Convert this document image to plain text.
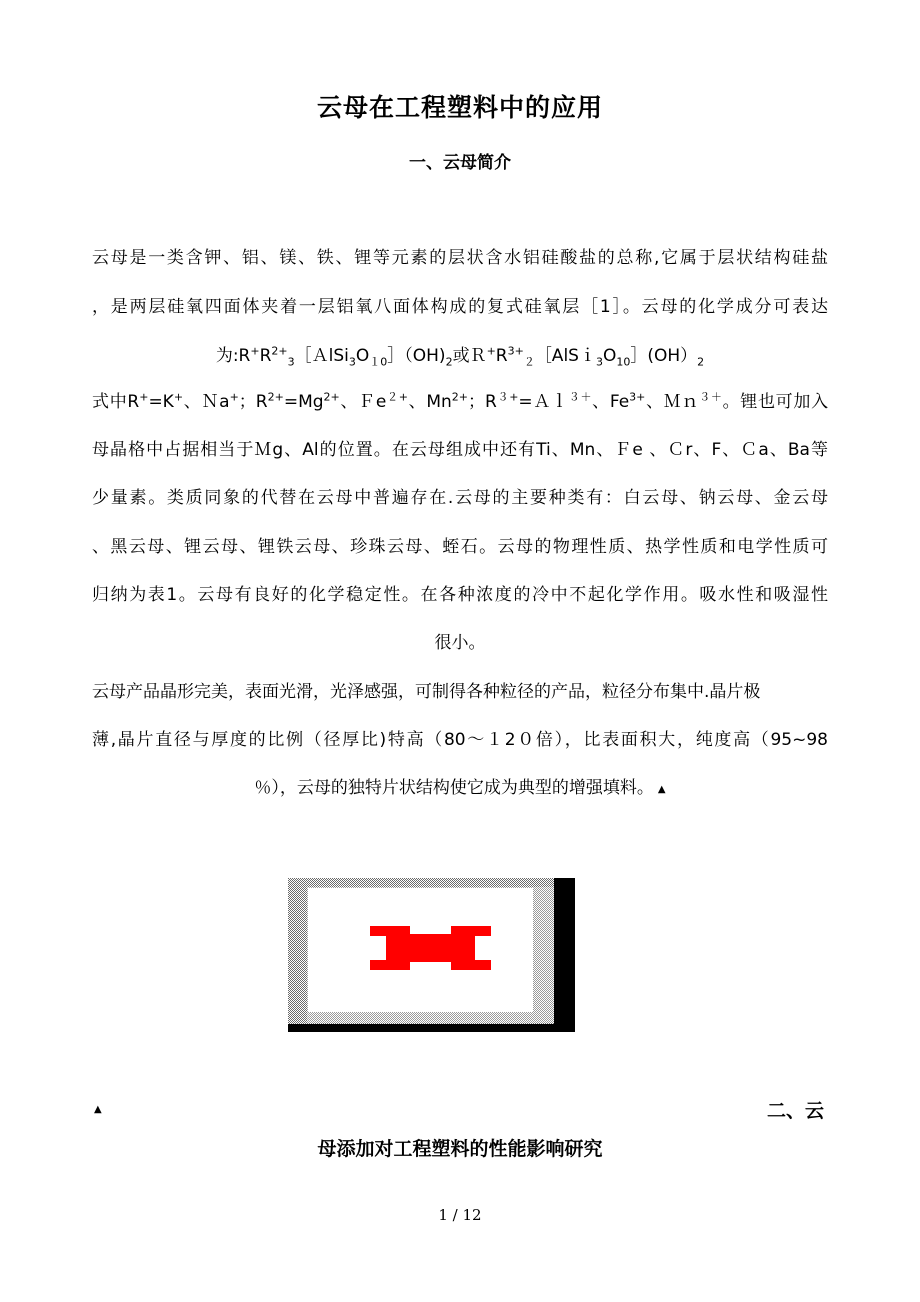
云母在工程塑料中的应用
一、云母简介
云母是一类含钾、铝、镁、铁、锂等元素的层状含水铝硅酸盐的总称,它属于层状结构硅盐
，是两层硅氧四面体夹着一层铝氧八面体构成的复式硅氧层［1］。云母的化学成分可表达
为$:R^+R^{2+}_3[AlSi_3O_{10}](OH)_2$或$R^+R^{3+}_2[AlSi_3O_{10}](OH)_2$
式中R+=K+、Ｎa+；$R^{2+}=Mg^{2+}$、Ｆe$^{2+}$、$Mn^{2+}$；$R^{3+}=Al^{3+}$、$Fe^{3+}$、Ｍｎ$^{3+}$。锂也可加入
母晶格中占据相当于Ｍg、Al的位置。在云母组成中还有Ti、Mn、Ｆe 、Ｃr、F、Ｃa、Ba等
少量素。类质同象的代替在云母中普遍存在.云母的主要种类有：白云母、钠云母、金云母
、黑云母、锂云母、锂铁云母、珍珠云母、蛭石。云母的物理性质、热学性质和电学性质可
归纳为表1。云母有良好的化学稳定性。在各种浓度的冷中不起化学作用。吸水性和吸湿性
很小。
云母产品晶形完美，表面光滑，光泽感强，可制得各种粒径的产品，粒径分布集中.晶片极
薄,晶片直径与厚度的比例（径厚比)特高（80～１2０倍），比表面积大，纯度高（95~98
％），云母的独特片状结构使它成为典型的增强填料。 ▲
▲	二、云
母添加对工程塑料的性能影响研究
1 / 12
